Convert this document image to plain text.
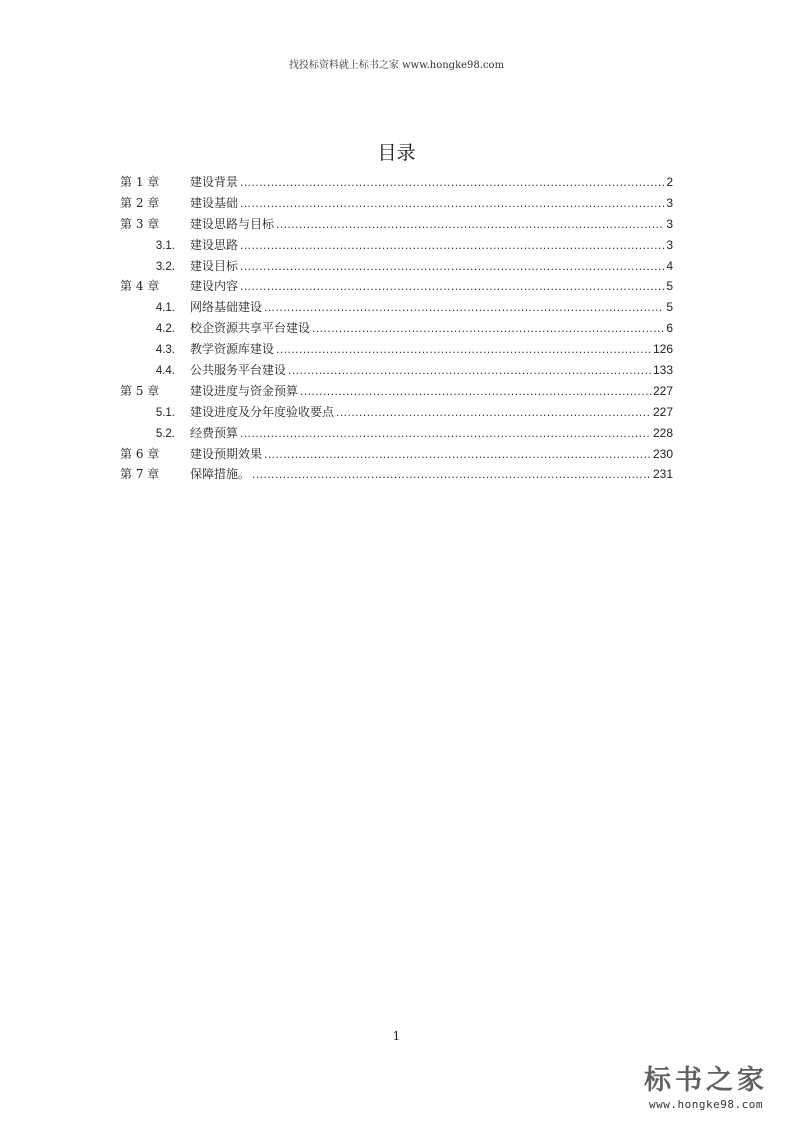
找投标资料就上标书之家 www.hongke98.com
目录
第 1 章	建设背景 .....	2
第 2 章	建设基础 .....	3
第 3 章	建设思路与目标 .....	3
3.1.	建设思路 .....	3
3.2.	建设目标 .....	4
第 4 章	建设内容 .....	5
4.1.	网络基础建设 .....	5
4.2.	校企资源共享平台建设 .....	6
4.3.	教学资源库建设 .....	126
4.4.	公共服务平台建设 .....	133
第 5 章	建设进度与资金预算 .....	227
5.1.	建设进度及分年度验收要点 .....	227
5.2.	经费预算 .....	228
第 6 章	建设预期效果 .....	230
第 7 章	保障措施。 .....	231
1
标书之家
www.hongke98.com
